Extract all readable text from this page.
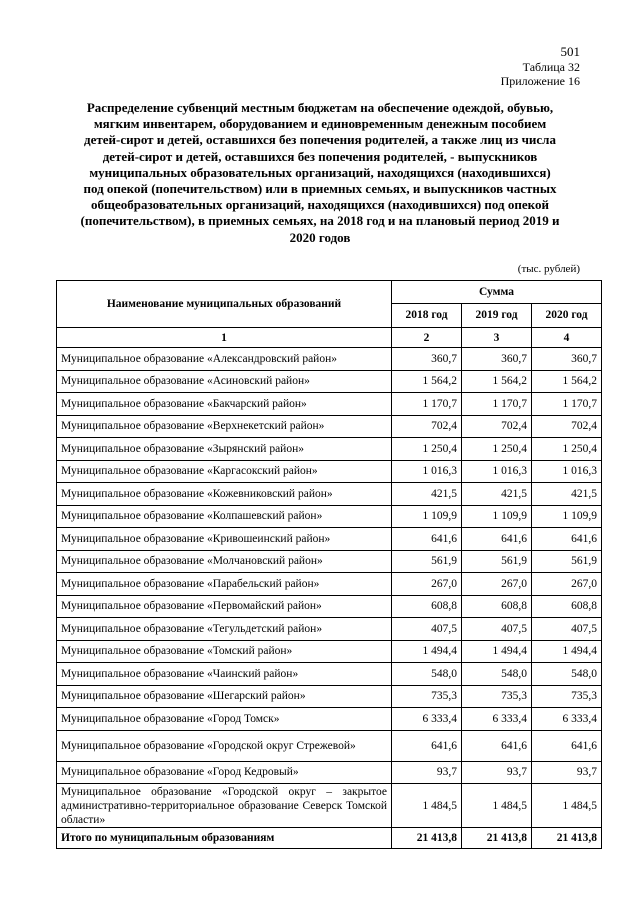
501
Таблица 32
Приложение 16
Распределение субвенций местным бюджетам на обеспечение одеждой, обувью, мягким инвентарем, оборудованием и единовременным денежным пособием детей-сирот и детей, оставшихся без попечения родителей, а также лиц из числа детей-сирот и детей, оставшихся без попечения родителей, - выпускников муниципальных образовательных организаций, находящихся (находившихся) под опекой (попечительством) или в приемных семьях, и выпускников частных общеобразовательных организаций, находящихся (находившихся) под опекой (попечительством), в приемных семьях, на 2018 год и на плановый период 2019 и 2020 годов
(тыс. рублей)
Наименование муниципальных образований	Сумма		
	2018 год	2019 год	2020 год
1	2	3	4
Муниципальное образование «Александровский район»	360,7	360,7	360,7
Муниципальное образование «Асиновский район»	1 564,2	1 564,2	1 564,2
Муниципальное образование «Бакчарский район»	1 170,7	1 170,7	1 170,7
Муниципальное образование «Верхнекетский район»	702,4	702,4	702,4
Муниципальное образование «Зырянский район»	1 250,4	1 250,4	1 250,4
Муниципальное образование «Каргасокский район»	1 016,3	1 016,3	1 016,3
Муниципальное образование «Кожевниковский район»	421,5	421,5	421,5
Муниципальное образование «Колпашевский район»	1 109,9	1 109,9	1 109,9
Муниципальное образование «Кривошеинский район»	641,6	641,6	641,6
Муниципальное образование «Молчановский район»	561,9	561,9	561,9
Муниципальное образование «Парабельский район»	267,0	267,0	267,0
Муниципальное образование «Первомайский район»	608,8	608,8	608,8
Муниципальное образование «Тегульдетский район»	407,5	407,5	407,5
Муниципальное образование «Томский район»	1 494,4	1 494,4	1 494,4
Муниципальное образование «Чаинский район»	548,0	548,0	548,0
Муниципальное образование «Шегарский район»	735,3	735,3	735,3
Муниципальное образование «Город Томск»	6 333,4	6 333,4	6 333,4
Муниципальное образование «Городской округ Стрежевой»	641,6	641,6	641,6
Муниципальное образование «Город Кедровый»	93,7	93,7	93,7
Муниципальное образование «Городской округ – закрытое административно-территориальное образование Северск Томской области»	1 484,5	1 484,5	1 484,5
Итого по муниципальным образованиям	21 413,8	21 413,8	21 413,8
